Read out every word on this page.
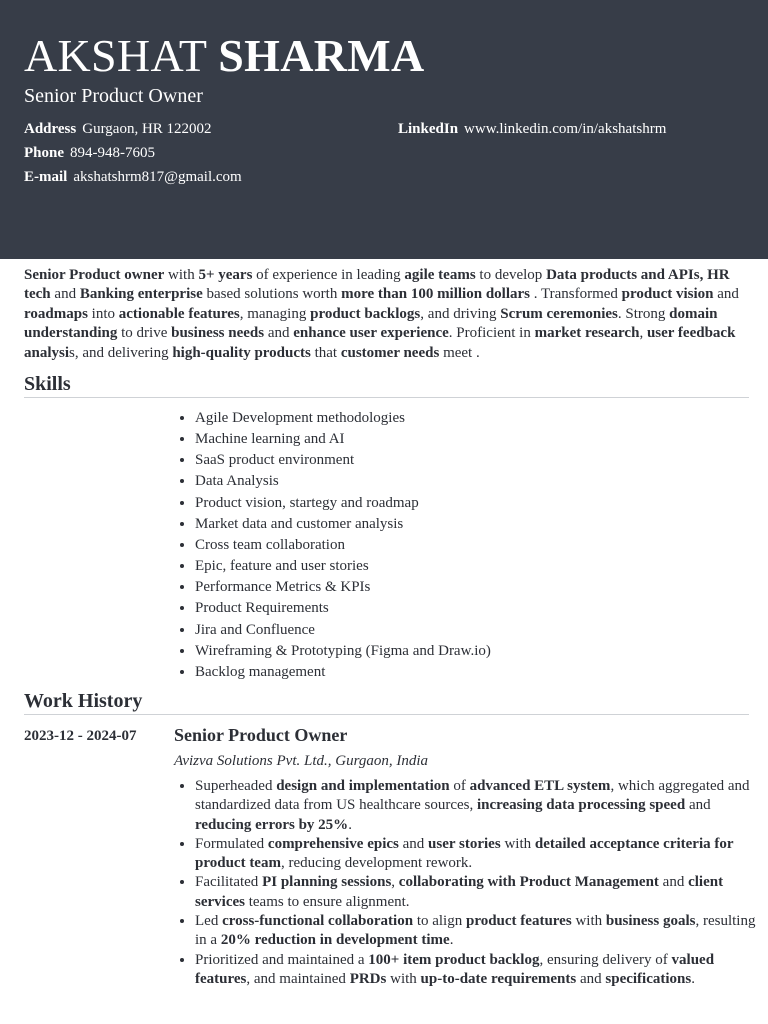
AKSHAT SHARMA
Senior Product Owner
Address Gurgaon, HR 122002	LinkedIn www.linkedin.com/in/akshatshrm
Phone 894-948-7605
E-mail akshatshrm817@gmail.com

Senior Product owner with 5+ years of experience in leading agile teams to develop Data products and APIs, HR tech and Banking enterprise based solutions worth more than 100 million dollars . Transformed product vision and roadmaps into actionable features, managing product backlogs, and driving Scrum ceremonies. Strong domain understanding to drive business needs and enhance user experience. Proficient in market research, user feedback analysis, and delivering high-quality products that customer needs meet .

Skills
• Agile Development methodologies
• Machine learning and AI
• SaaS product environment
• Data Analysis
• Product vision, startegy and roadmap
• Market data and customer analysis
• Cross team collaboration
• Epic, feature and user stories
• Performance Metrics & KPIs
• Product Requirements
• Jira and Confluence
• Wireframing & Prototyping (Figma and Draw.io)
• Backlog management
Work History
2023-12 - 2024-07 Senior Product Owner
Avizva Solutions Pvt. Ltd., Gurgaon, India
• Superheaded design and implementation of advanced ETL system, which aggregated and standardized data from US healthcare sources, increasing data processing speed and reducing errors by 25%.
• Formulated comprehensive epics and user stories with detailed acceptance criteria for product team, reducing development rework.
• Facilitated PI planning sessions, collaborating with Product Management and client services teams to ensure alignment.
• Led cross-functional collaboration to align product features with business goals, resulting in a 20% reduction in development time.
• Prioritized and maintained a 100+ item product backlog, ensuring delivery of valued features, and maintained PRDs with up-to-date requirements and specifications.
